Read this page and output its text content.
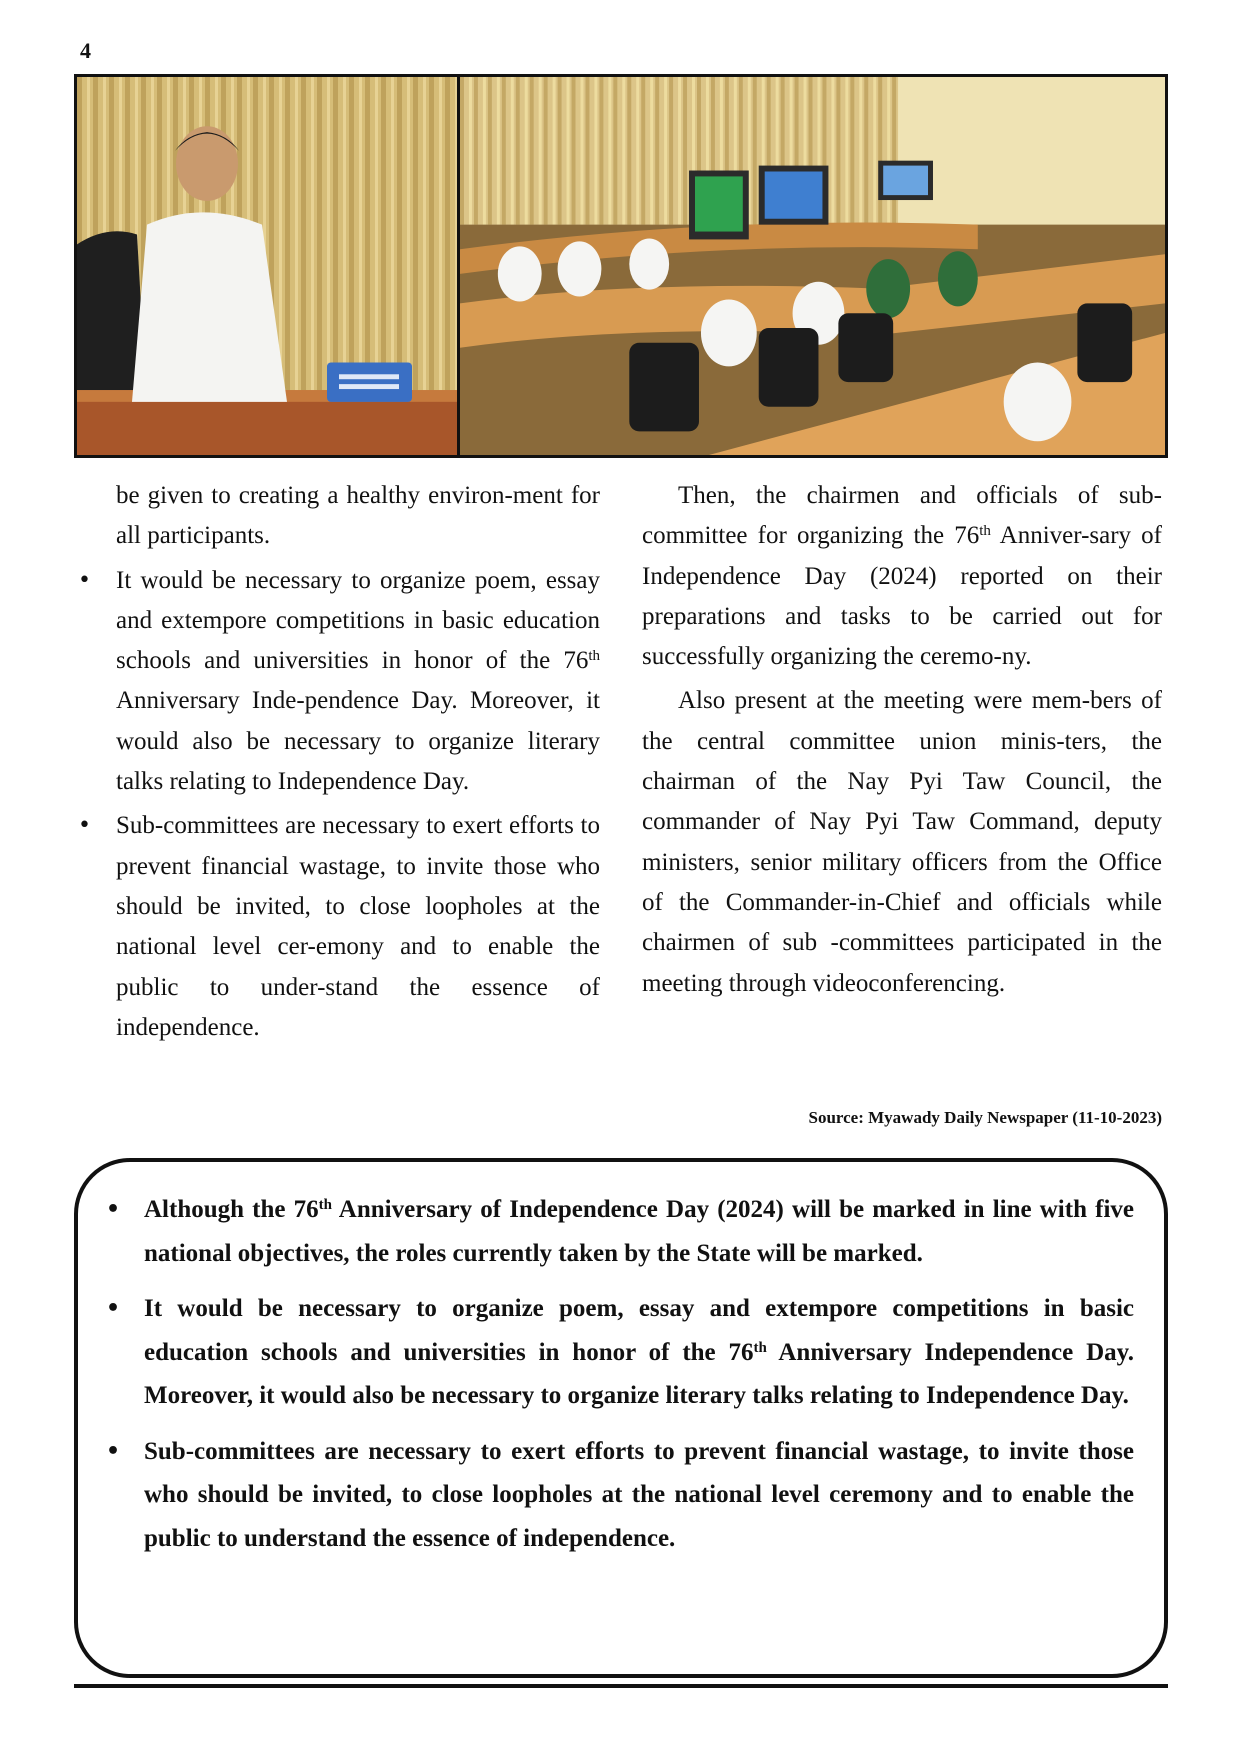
4

be given to creating a healthy environ-ment for all participants.

• It would be necessary to organize poem, essay and extempore competitions in basic education schools and universities in honor of the 76th Anniversary Inde-pendence Day. Moreover, it would also be necessary to organize literary talks relating to Independence Day.
• Sub-committees are necessary to exert efforts to prevent financial wastage, to invite those who should be invited, to close loopholes at the national level cer-emony and to enable the public to under-stand the essence of independence.

Then, the chairmen and officials of sub-committee for organizing the 76th Anniver-sary of Independence Day (2024) reported on their preparations and tasks to be carried out for successfully organizing the ceremo-ny.

Also present at the meeting were mem-bers of the central committee union minis-ters, the chairman of the Nay Pyi Taw Council, the commander of Nay Pyi Taw Command, deputy ministers, senior military officers from the Office of the Commander-in-Chief and officials while chairmen of sub -committees participated in the meeting through videoconferencing.

Source: Myawady Daily Newspaper (11-10-2023)
• Although the 76th Anniversary of Independence Day (2024) will be marked in line with five national objectives, the roles currently taken by the State will be marked.
• It would be necessary to organize poem, essay and extempore competitions in basic education schools and universities in honor of the 76th Anniversary Independence Day. Moreover, it would also be necessary to organize literary talks relating to Independence Day.
• Sub-committees are necessary to exert efforts to prevent financial wastage, to invite those who should be invited, to close loopholes at the national level ceremony and to enable the public to understand the essence of independence.
